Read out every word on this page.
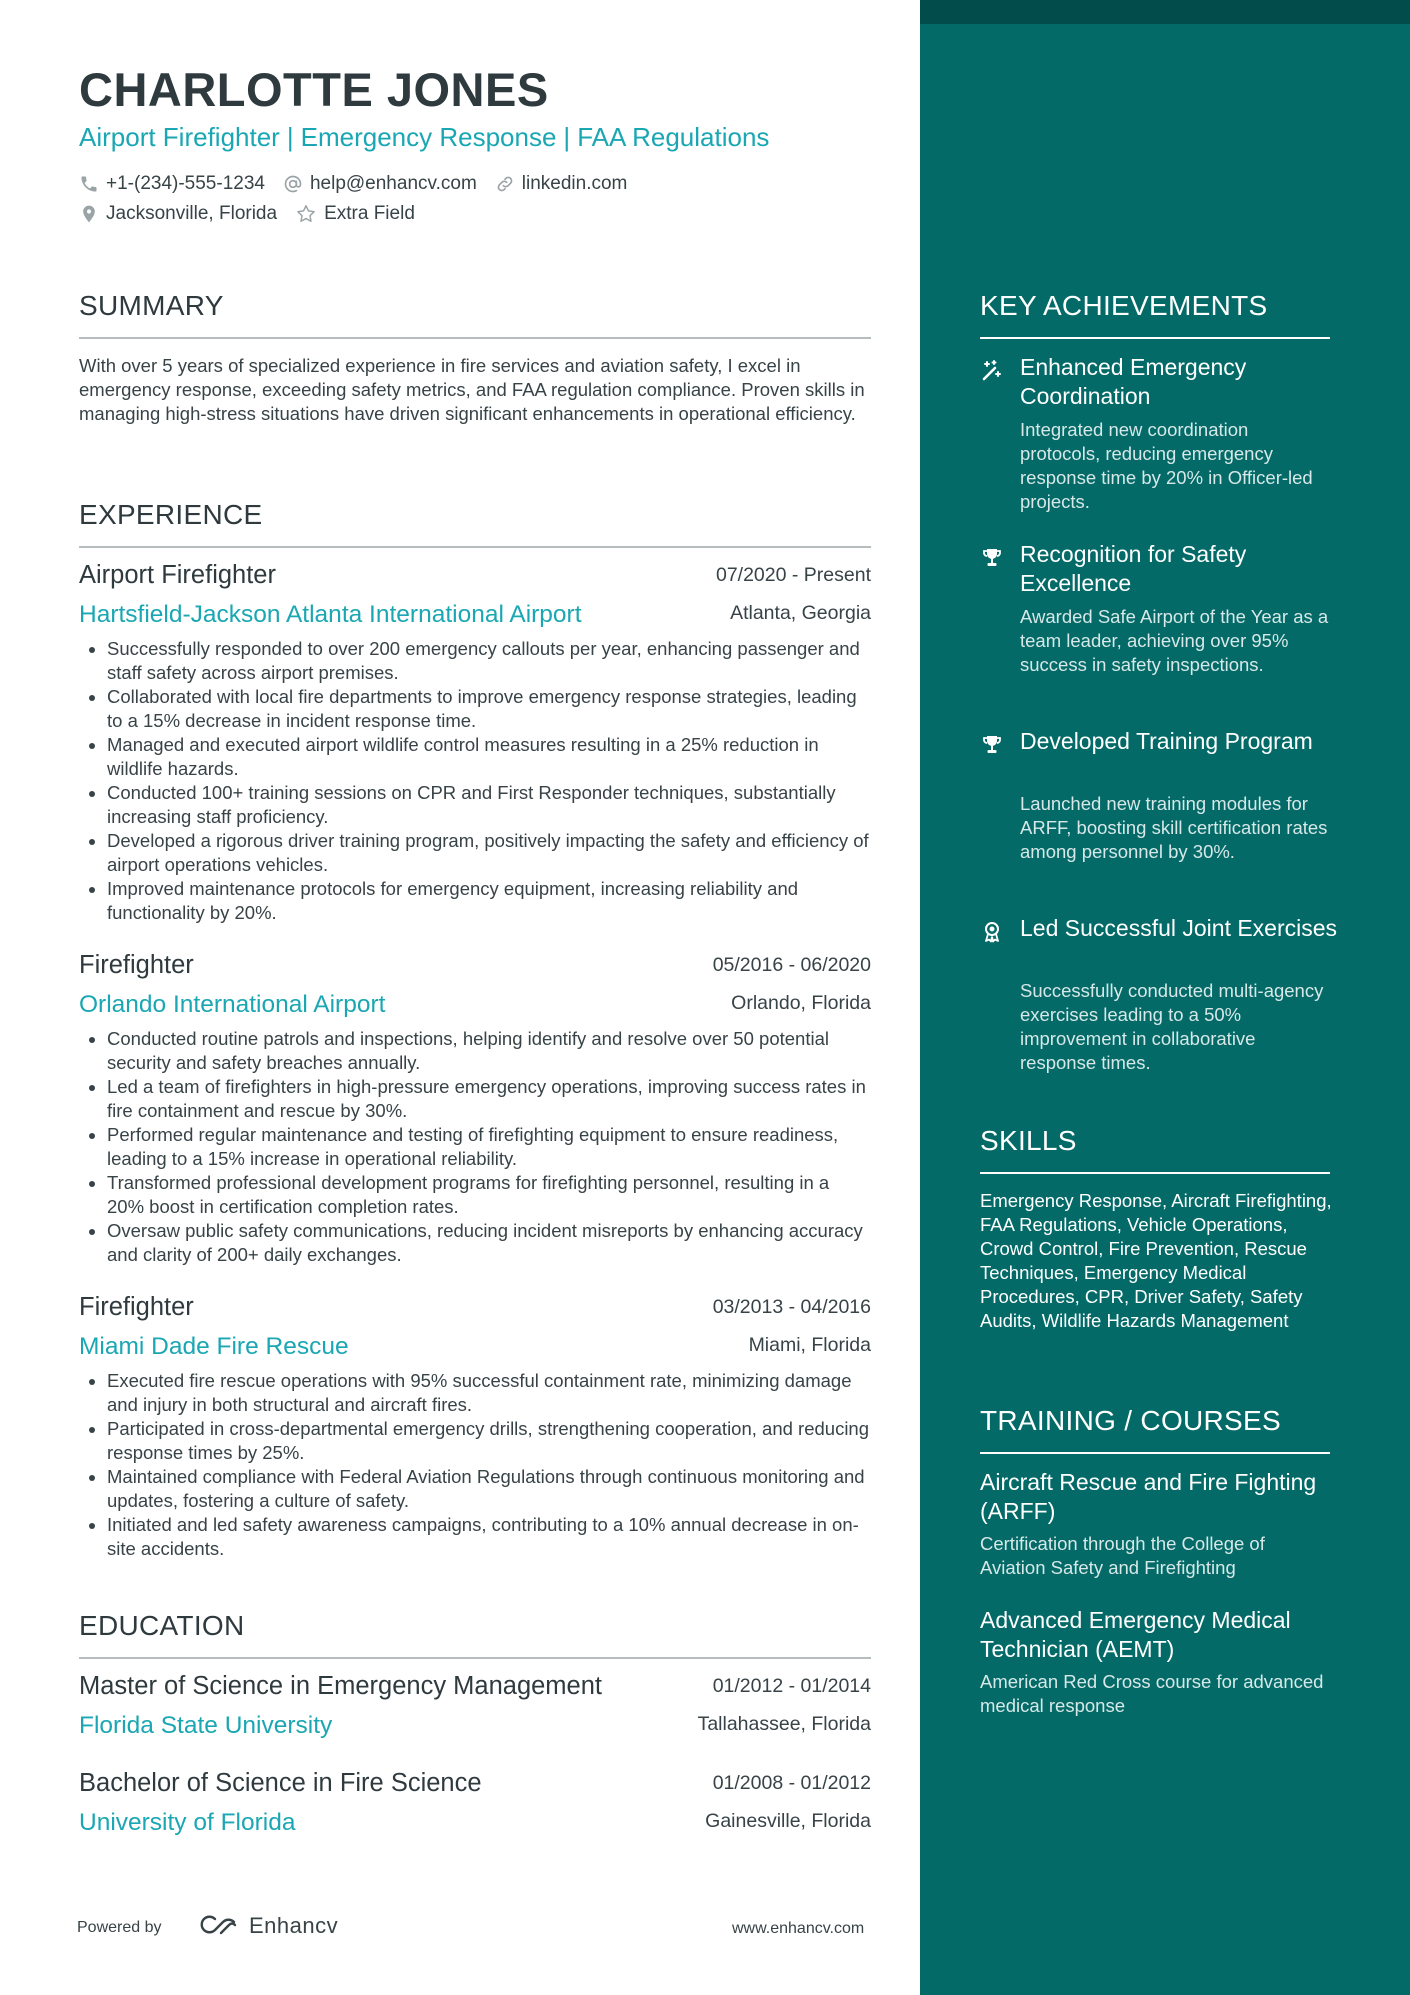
CHARLOTTE JONES
Airport Firefighter | Emergency Response | FAA Regulations
+1-(234)-555-1234 help@enhancv.com linkedin.com
Jacksonville, Florida Extra Field
SUMMARY

With over 5 years of specialized experience in fire services and aviation safety, I excel in emergency response, exceeding safety metrics, and FAA regulation compliance. Proven skills in managing high-stress situations have driven significant enhancements in operational efficiency.

EXPERIENCE
Airport Firefighter	07/2020 - Present
Hartsfield-Jackson Atlanta International Airport	Atlanta, Georgia
• Successfully responded to over 200 emergency callouts per year, enhancing passenger and staff safety across airport premises.
• Collaborated with local fire departments to improve emergency response strategies, leading to a 15% decrease in incident response time.
• Managed and executed airport wildlife control measures resulting in a 25% reduction in wildlife hazards.
• Conducted 100+ training sessions on CPR and First Responder techniques, substantially increasing staff proficiency.
• Developed a rigorous driver training program, positively impacting the safety and efficiency of airport operations vehicles.
• Improved maintenance protocols for emergency equipment, increasing reliability and functionality by 20%.
Firefighter	05/2016 - 06/2020
Orlando International Airport	Orlando, Florida
• Conducted routine patrols and inspections, helping identify and resolve over 50 potential security and safety breaches annually.
• Led a team of firefighters in high-pressure emergency operations, improving success rates in fire containment and rescue by 30%.
• Performed regular maintenance and testing of firefighting equipment to ensure readiness, leading to a 15% increase in operational reliability.
• Transformed professional development programs for firefighting personnel, resulting in a 20% boost in certification completion rates.
• Oversaw public safety communications, reducing incident misreports by enhancing accuracy and clarity of 200+ daily exchanges.
Firefighter	03/2013 - 04/2016
Miami Dade Fire Rescue	Miami, Florida
• Executed fire rescue operations with 95% successful containment rate, minimizing damage and injury in both structural and aircraft fires.
• Participated in cross-departmental emergency drills, strengthening cooperation, and reducing response times by 25%.
• Maintained compliance with Federal Aviation Regulations through continuous monitoring and updates, fostering a culture of safety.
• Initiated and led safety awareness campaigns, contributing to a 10% annual decrease in on-site accidents.
EDUCATION
Master of Science in Emergency Management	01/2012 - 01/2014
Florida State University	Tallahassee, Florida
Bachelor of Science in Fire Science	01/2008 - 01/2012
University of Florida	Gainesville, Florida
Powered by	Enhancv	www.enhancv.com
KEY ACHIEVEMENTS
Enhanced Emergency Coordination
Integrated new coordination protocols, reducing emergency response time by 20% in Officer-led projects.
Recognition for Safety Excellence
Awarded Safe Airport of the Year as a team leader, achieving over 95% success in safety inspections.
Developed Training Program
Launched new training modules for ARFF, boosting skill certification rates among personnel by 30%.
Led Successful Joint Exercises
Successfully conducted multi-agency exercises leading to a 50% improvement in collaborative response times.
SKILLS

Emergency Response, Aircraft Firefighting, FAA Regulations, Vehicle Operations, Crowd Control, Fire Prevention, Rescue Techniques, Emergency Medical Procedures, CPR, Driver Safety, Safety Audits, Wildlife Hazards Management

TRAINING / COURSES
Aircraft Rescue and Fire Fighting (ARFF)
Certification through the College of Aviation Safety and Firefighting
Advanced Emergency Medical Technician (AEMT)
American Red Cross course for advanced medical response
